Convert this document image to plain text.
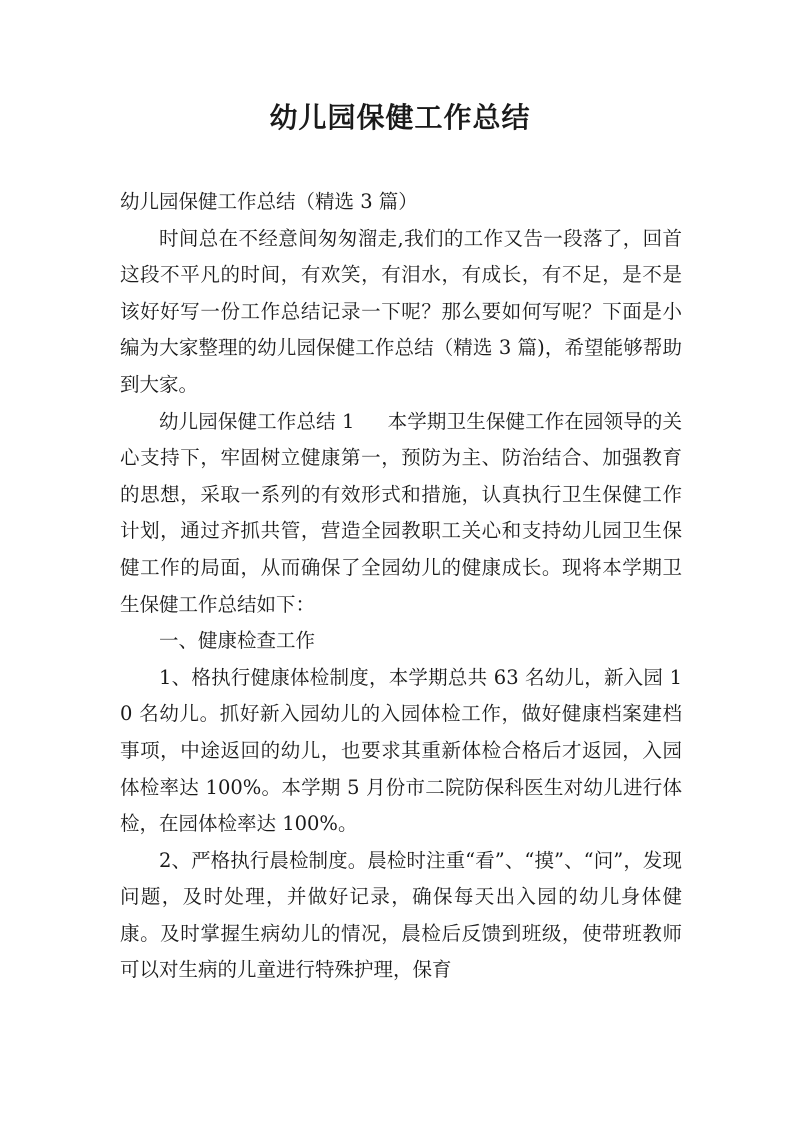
幼儿园保健工作总结

幼儿园保健工作总结（精选 3 篇）

时间总在不经意间匆匆溜走,我们的工作又告一段落了，回首这段不平凡的时间，有欢笑，有泪水，有成长，有不足，是不是该好好写一份工作总结记录一下呢？那么要如何写呢？下面是小编为大家整理的幼儿园保健工作总结（精选 3 篇)，希望能够帮助到大家。

幼儿园保健工作总结 1 本学期卫生保健工作在园领导的关心支持下，牢固树立健康第一，预防为主、防治结合、加强教育的思想，采取一系列的有效形式和措施，认真执行卫生保健工作计划，通过齐抓共管，营造全园教职工关心和支持幼儿园卫生保健工作的局面，从而确保了全园幼儿的健康成长。现将本学期卫生保健工作总结如下：

一、健康检查工作

1、格执行健康体检制度，本学期总共 63 名幼儿，新入园 10 名幼儿。抓好新入园幼儿的入园体检工作，做好健康档案建档事项，中途返回的幼儿，也要求其重新体检合格后才返园，入园体检率达 100%。本学期 5 月份市二院防保科医生对幼儿进行体检，在园体检率达 100%。

2、严格执行晨检制度。晨检时注重“看”、“摸”、“问”，发现问题，及时处理，并做好记录，确保每天出入园的幼儿身体健康。及时掌握生病幼儿的情况，晨检后反馈到班级，使带班教师可以对生病的儿童进行特殊护理，保育
